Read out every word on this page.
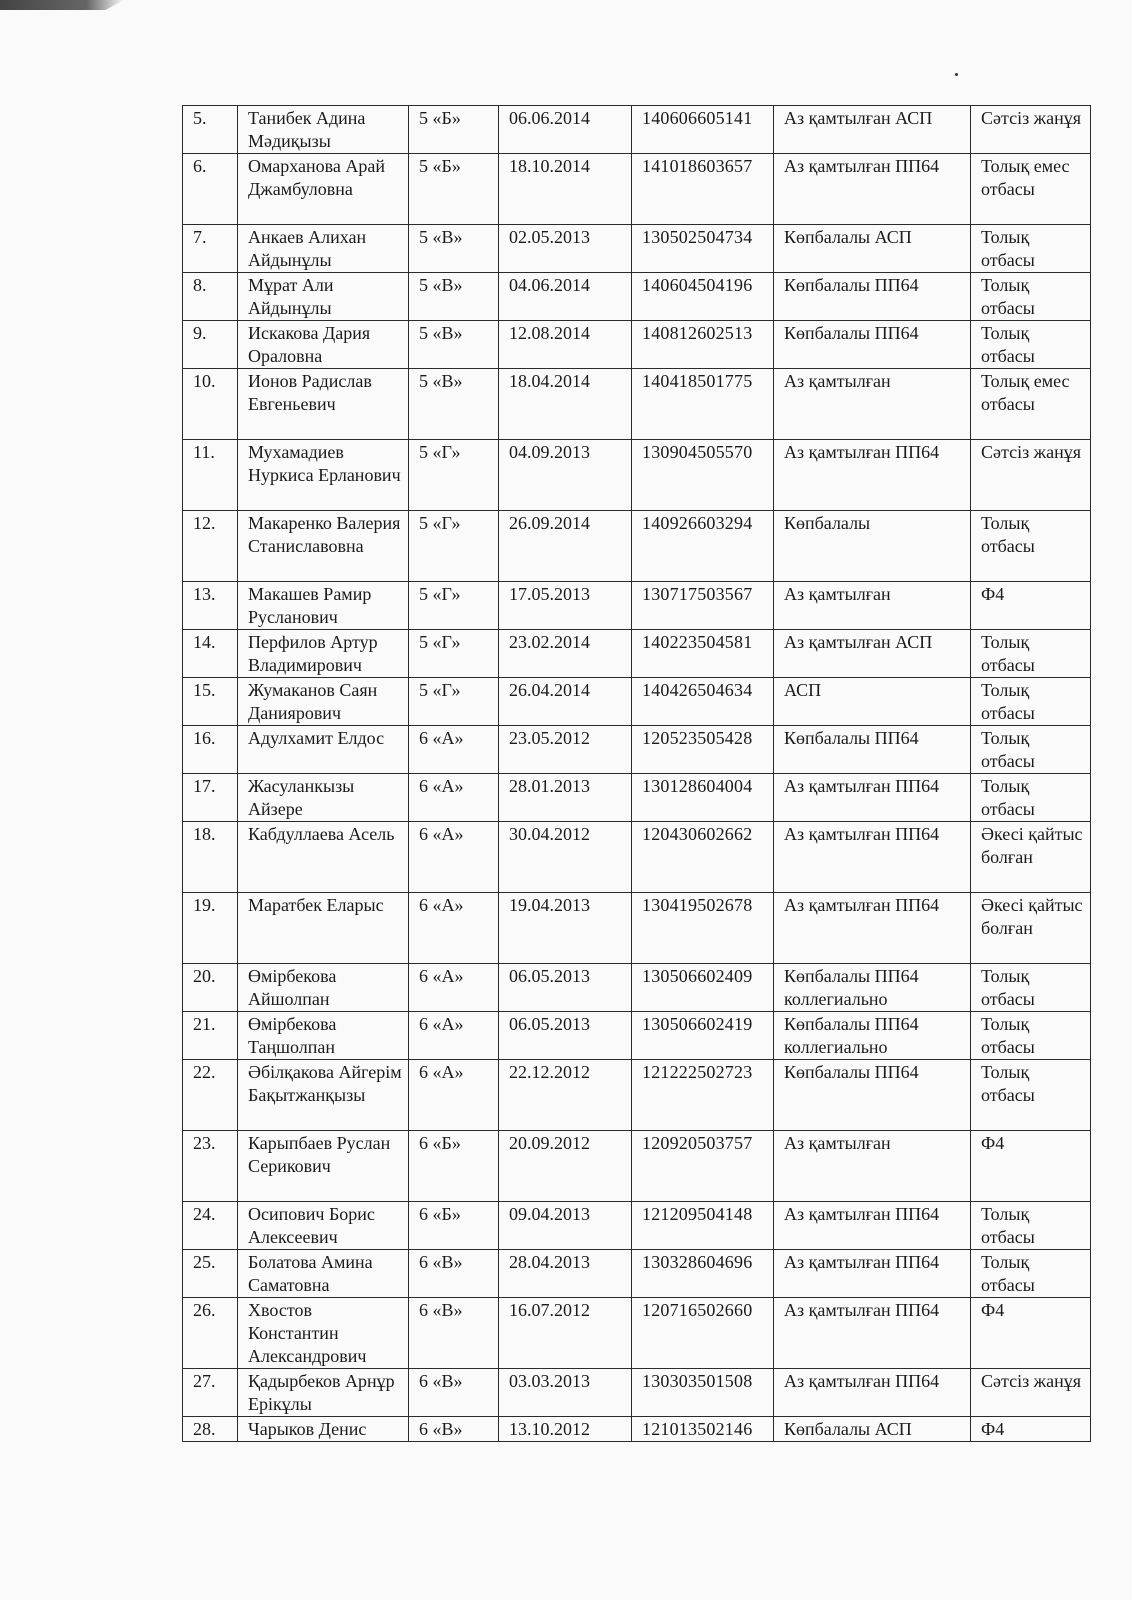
5.	Танибек Адина Мәдиқызы	5 «Б»	06.06.2014	140606605141	Аз қамтылған АСП	Сәтсіз жанұя
6.	Омарханова Арай Джамбуловна	5 «Б»	18.10.2014	141018603657	Аз қамтылған ПП64	Толық емес отбасы
7.	Анкаев Алихан Айдынұлы	5 «В»	02.05.2013	130502504734	Көпбалалы АСП	Толық отбасы
8.	Мұрат Али Айдынұлы	5 «В»	04.06.2014	140604504196	Көпбалалы ПП64	Толық отбасы
9.	Искакова Дария Ораловна	5 «В»	12.08.2014	140812602513	Көпбалалы ПП64	Толық отбасы
10.	Ионов Радислав Евгеньевич	5 «В»	18.04.2014	140418501775	Аз қамтылған	Толық емес отбасы
11.	Мухамадиев Нуркиса Ерланович	5 «Г»	04.09.2013	130904505570	Аз қамтылған ПП64	Сәтсіз жанұя
12.	Макаренко Валерия Станиславовна	5 «Г»	26.09.2014	140926603294	Көпбалалы	Толық отбасы
13.	Макашев Рамир Русланович	5 «Г»	17.05.2013	130717503567	Аз қамтылған	Ф4
14.	Перфилов Артур Владимирович	5 «Г»	23.02.2014	140223504581	Аз қамтылған АСП	Толық отбасы
15.	Жумаканов Саян Даниярович	5 «Г»	26.04.2014	140426504634	АСП	Толық отбасы
16.	Адулхамит Елдос	6 «А»	23.05.2012	120523505428	Көпбалалы ПП64	Толық отбасы
17.	Жасуланкызы Айзере	6 «А»	28.01.2013	130128604004	Аз қамтылған ПП64	Толық отбасы
18.	Кабдуллаева Асель	6 «А»	30.04.2012	120430602662	Аз қамтылған ПП64	Әкесі қайтыс болған
19.	Маратбек Еларыс	6 «А»	19.04.2013	130419502678	Аз қамтылған ПП64	Әкесі қайтыс болған
20.	Өмірбекова Айшолпан	6 «А»	06.05.2013	130506602409	Көпбалалы ПП64 коллегиально	Толық отбасы
21.	Өмірбекова Таңшолпан	6 «А»	06.05.2013	130506602419	Көпбалалы ПП64 коллегиально	Толық отбасы
22.	Әбілқакова Айгерім Бақытжанқызы	6 «А»	22.12.2012	121222502723	Көпбалалы ПП64	Толық отбасы
23.	Карыпбаев Руслан Серикович	6 «Б»	20.09.2012	120920503757	Аз қамтылған	Ф4
24.	Осипович Борис Алексеевич	6 «Б»	09.04.2013	121209504148	Аз қамтылған ПП64	Толық отбасы
25.	Болатова Амина Саматовна	6 «В»	28.04.2013	130328604696	Аз қамтылған ПП64	Толық отбасы
26.	Хвостов Константин Александрович	6 «В»	16.07.2012	120716502660	Аз қамтылған ПП64	Ф4
27.	Қадырбеков Арнұр Ерікұлы	6 «В»	03.03.2013	130303501508	Аз қамтылған ПП64	Сәтсіз жанұя
28.	Чарыков Денис	6 «В»	13.10.2012	121013502146	Көпбалалы АСП	Ф4
